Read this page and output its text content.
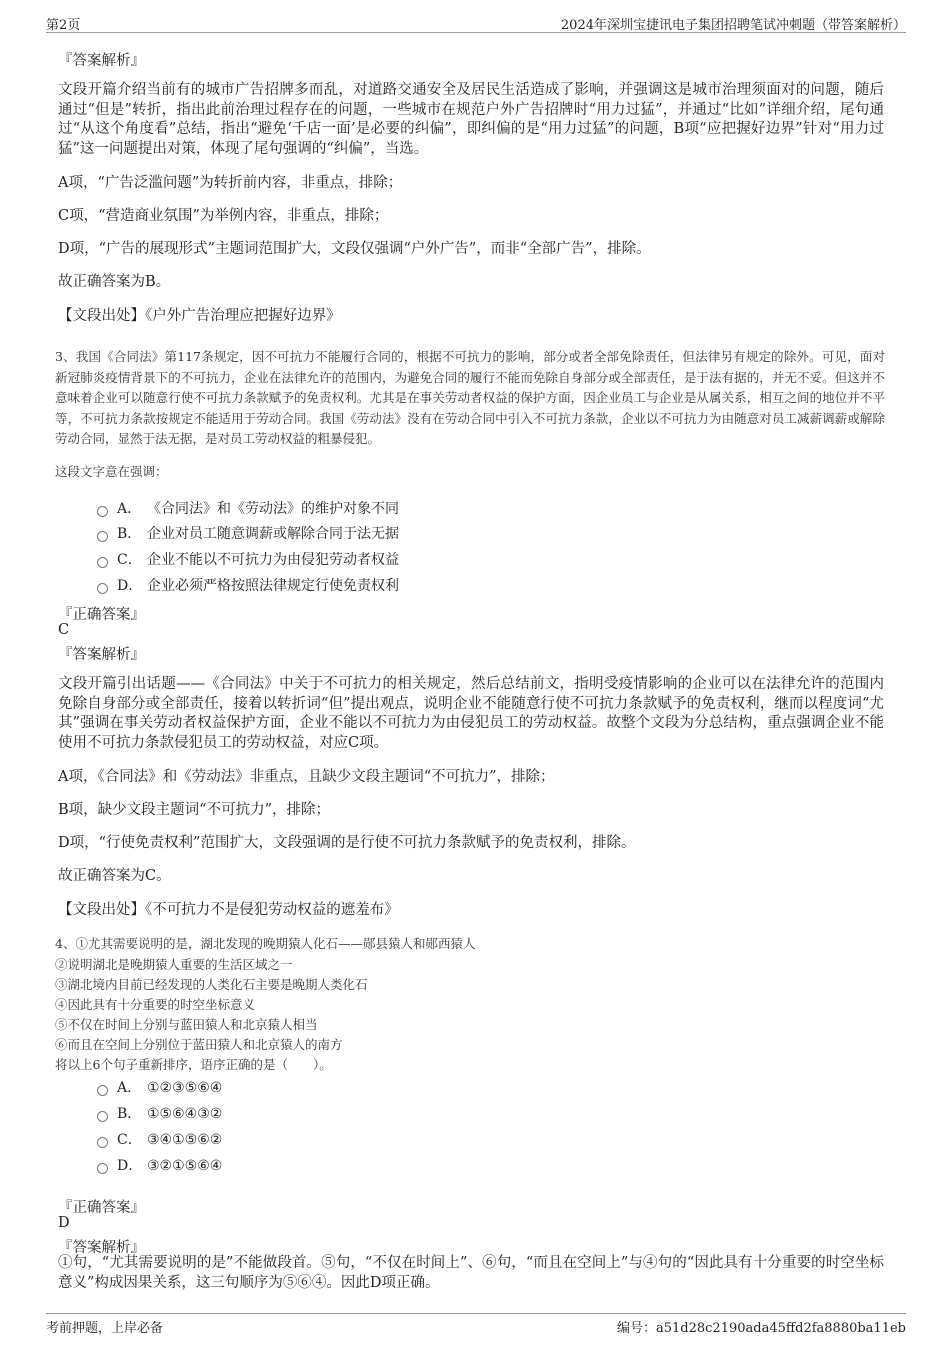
第2页	2024年深圳宝捷讯电子集团招聘笔试冲刺题（带答案解析）
『答案解析』
文段开篇介绍当前有的城市广告招牌多而乱，对道路交通安全及居民生活造成了影响，并强调这是城市治理须面对的问题，随后通过“但是”转折，指出此前治理过程存在的问题，一些城市在规范户外广告招牌时“用力过猛”，并通过“比如”详细介绍，尾句通过“从这个角度看”总结，指出“避免‘千店一面’是必要的纠偏”，即纠偏的是“用力过猛”的问题，B项“应把握好边界”针对“用力过猛”这一问题提出对策，体现了尾句强调的“纠偏”，当选。
A项，“广告泛滥问题”为转折前内容，非重点，排除；
C项，“营造商业氛围”为举例内容，非重点，排除；
D项，“广告的展现形式”主题词范围扩大，文段仅强调“户外广告”，而非“全部广告”，排除。
故正确答案为B。
【文段出处】《户外广告治理应把握好边界》
3、我国《合同法》第117条规定，因不可抗力不能履行合同的，根据不可抗力的影响，部分或者全部免除责任，但法律另有规定的除外。可见，面对新冠肺炎疫情背景下的不可抗力，企业在法律允许的范围内，为避免合同的履行不能而免除自身部分或全部责任，是于法有据的，并无不妥。但这并不意味着企业可以随意行使不可抗力条款赋予的免责权利。尤其是在事关劳动者权益的保护方面，因企业员工与企业是从属关系，相互之间的地位并不平等，不可抗力条款按规定不能适用于劳动合同。我国《劳动法》没有在劳动合同中引入不可抗力条款，企业以不可抗力为由随意对员工减薪调薪或解除劳动合同，显然于法无据，是对员工劳动权益的粗暴侵犯。
这段文字意在强调：
A． 《合同法》和《劳动法》的维护对象不同
B． 企业对员工随意调薪或解除合同于法无据
C． 企业不能以不可抗力为由侵犯劳动者权益
D． 企业必须严格按照法律规定行使免责权利
『正确答案』
C
『答案解析』
文段开篇引出话题——《合同法》中关于不可抗力的相关规定，然后总结前文，指明受疫情影响的企业可以在法律允许的范围内免除自身部分或全部责任，接着以转折词“但”提出观点，说明企业不能随意行使不可抗力条款赋予的免责权利，继而以程度词“尤其”强调在事关劳动者权益保护方面，企业不能以不可抗力为由侵犯员工的劳动权益。故整个文段为分总结构，重点强调企业不能使用不可抗力条款侵犯员工的劳动权益，对应C项。
A项，《合同法》和《劳动法》非重点，且缺少文段主题词“不可抗力”，排除；
B项，缺少文段主题词“不可抗力”，排除；
D项，“行使免责权利”范围扩大，文段强调的是行使不可抗力条款赋予的免责权利，排除。
故正确答案为C。
【文段出处】《不可抗力不是侵犯劳动权益的遮羞布》
4、①尤其需要说明的是，湖北发现的晚期猿人化石——郧县猿人和郧西猿人
②说明湖北是晚期猿人重要的生活区域之一
③湖北境内目前已经发现的人类化石主要是晚期人类化石
④因此具有十分重要的时空坐标意义
⑤不仅在时间上分别与蓝田猿人和北京猿人相当
⑥而且在空间上分别位于蓝田猿人和北京猿人的南方
将以上6个句子重新排序，语序正确的是（　　）。
A． ①②③⑤⑥④
B． ①⑤⑥④③②
C． ③④①⑤⑥②
D． ③②①⑤⑥④
『正确答案』
D
『答案解析』
①句，“尤其需要说明的是”不能做段首。⑤句，“不仅在时间上”、⑥句，“而且在空间上”与④句的“因此具有十分重要的时空坐标意义”构成因果关系，这三句顺序为⑤⑥④。因此D项正确。
考前押题，上岸必备	编号：a51d28c2190ada45ffd2fa8880ba11eb
